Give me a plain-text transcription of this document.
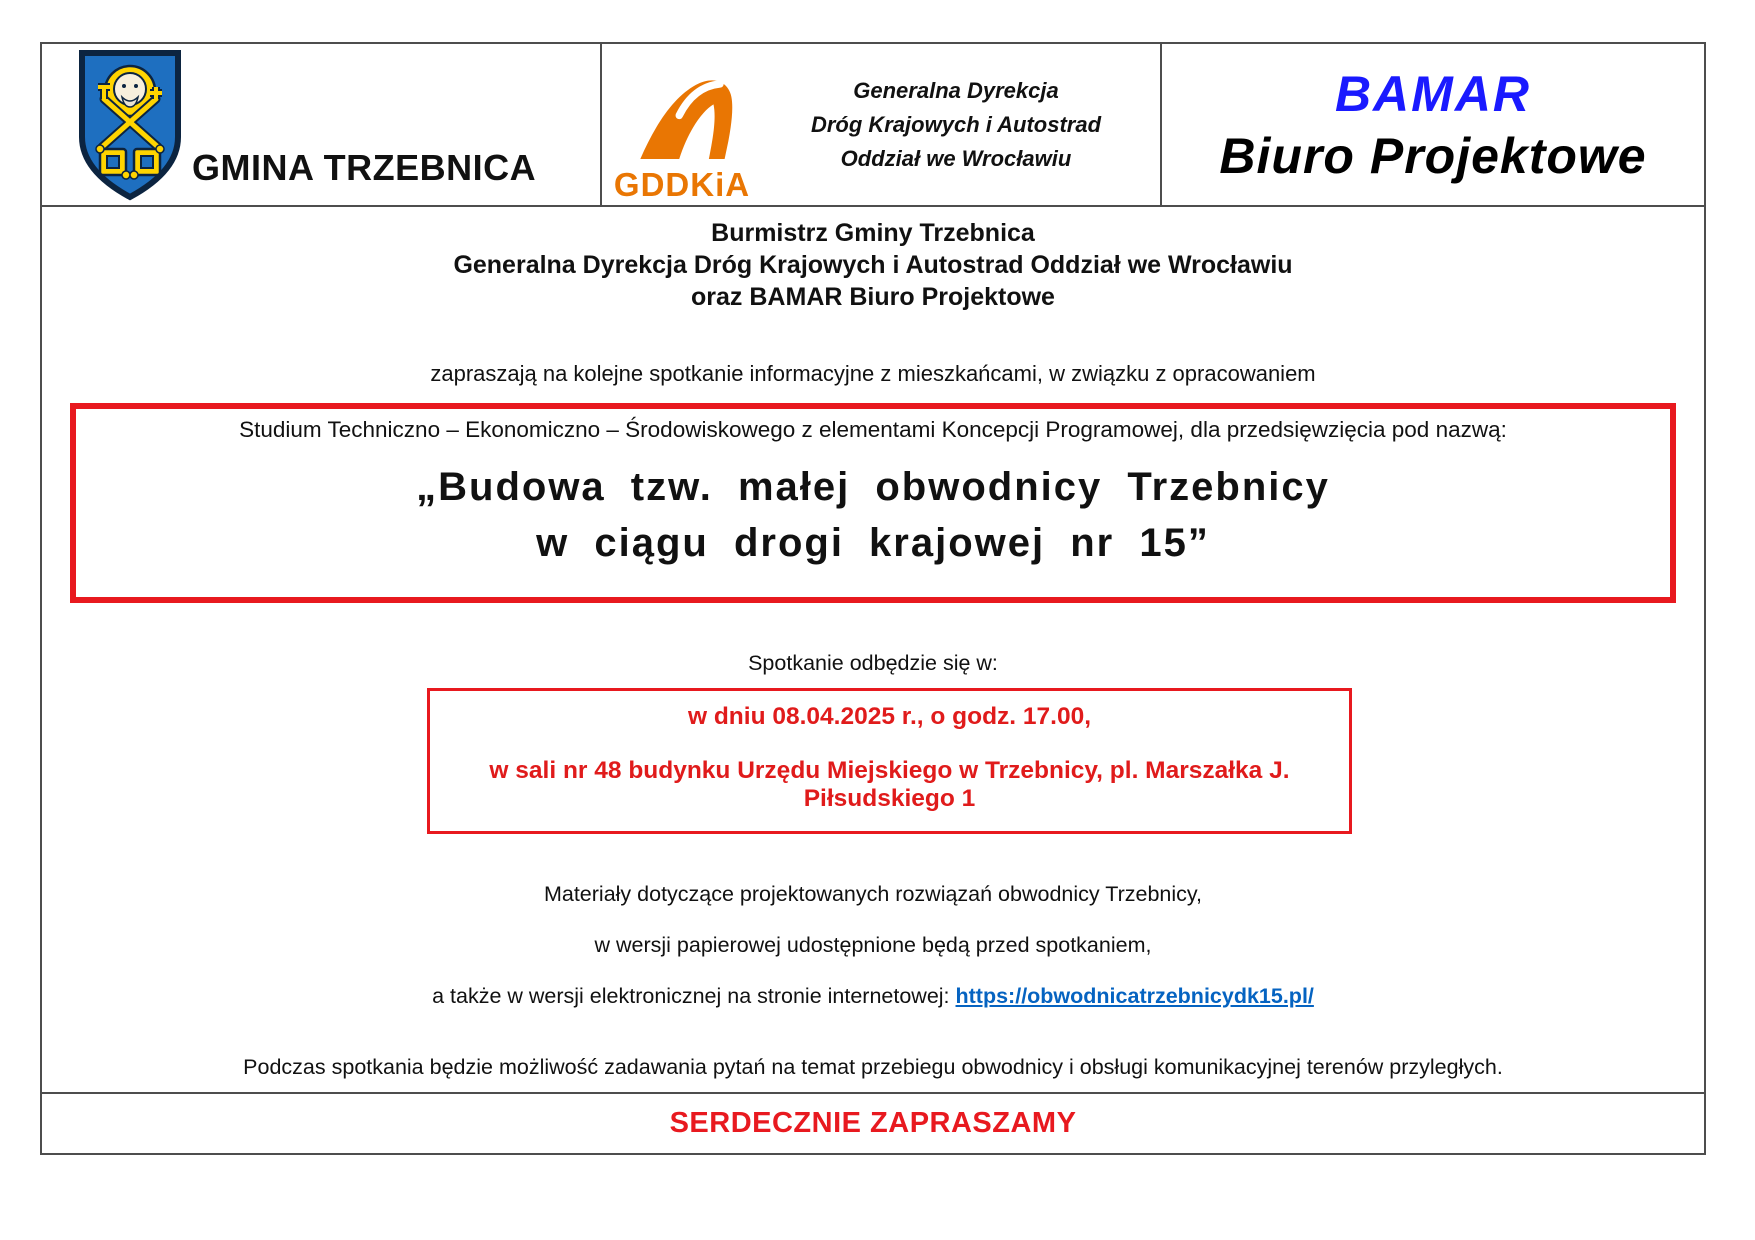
GMINA TRZEBNICA GDDKiA
Generalna Dyrekcja
Dróg Krajowych i Autostrad
Oddział we Wrocławiu
BAMAR
Biuro Projektowe
Burmistrz Gminy Trzebnica
Generalna Dyrekcja Dróg Krajowych i Autostrad Oddział we Wrocławiu
oraz BAMAR Biuro Projektowe
zapraszają na kolejne spotkanie informacyjne z mieszkańcami, w związku z opracowaniem
Studium Techniczno – Ekonomiczno – Środowiskowego z elementami Koncepcji Programowej, dla przedsięwzięcia pod nazwą:
„Budowa tzw. małej obwodnicy Trzebnicy
w ciągu drogi krajowej nr 15”
Spotkanie odbędzie się w:
w dniu 08.04.2025 r., o godz. 17.00,
w sali nr 48 budynku Urzędu Miejskiego w Trzebnicy, pl. Marszałka J. Piłsudskiego 1
Materiały dotyczące projektowanych rozwiązań obwodnicy Trzebnicy,
w wersji papierowej udostępnione będą przed spotkaniem,
a także w wersji elektronicznej na stronie internetowej: https://obwodnicatrzebnicydk15.pl/
Podczas spotkania będzie możliwość zadawania pytań na temat przebiegu obwodnicy i obsługi komunikacyjnej terenów przyległych.
SERDECZNIE ZAPRASZAMY
